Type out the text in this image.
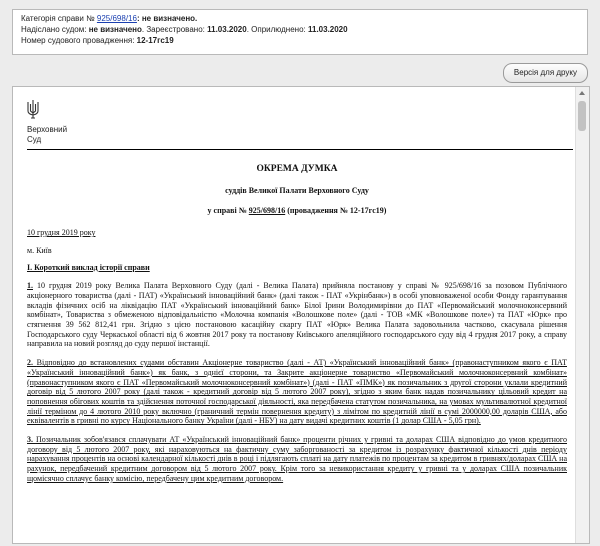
Категорія справи № 925/698/16: не визначено.
Надіслано судом: не визначено. Зареєстровано: 11.03.2020. Оприлюднено: 11.03.2020
Номер судового провадження: 12-17гс19
Версія для друку
Верховний
Суд
ОКРЕМА ДУМКА
суддів Великої Палати Верховного Суду
у справі № 925/698/16 (провадження № 12-17гс19)
10 грудня 2019 року
м. Київ
I. Короткий виклад історії справи
1. 10 грудня 2019 року Велика Палата Верховного Суду (далі - Велика Палата) прийняла постанову у справі № 925/698/16 за позовом Публічного акціонерного товариства (далі - ПАТ) «Український інноваційний банк» (далі також - ПАТ «Укрінбанк») в особі уповноваженої особи Фонду гарантування вкладів фізичних осіб на ліквідацію ПАТ «Український інноваційний банк» Білої Ірини Володимирівни до ПАТ «Первомайський молочноконсервний комбінат», Товариства з обмеженою відповідальністю «Молочна компанія «Волошкове поле» (далі - ТОВ «МК «Волошкове поле») та ПАТ «Юрк» про стягнення 39 562 812,41 грн. Згідно з цією постановою касаційну скаргу ПАТ «Юрк» Велика Палата задовольнила частково, скасувала рішення Господарського суду Черкаської області від 6 жовтня 2017 року та постанову Київського апеляційного господарського суду від 4 грудня 2017 року, а справу направила на новий розгляд до суду першої інстанції.
2. Відповідно до встановлених судами обставин Акціонерне товариство (далі - АТ) «Український інноваційний банк» (правонаступником якого є ПАТ «Український інноваційний банк») як банк, з однієї сторони, та Закрите акціонерне товариство «Первомайський молочноконсервний комбінат» (правонаступником якого є ПАТ «Первомайський молочноконсервний комбінат») (далі - ПАТ «ПМК») як позичальник з другої сторони уклали кредитний договір від 5 лютого 2007 року (далі також - кредитний договір від 5 лютого 2007 року), згідно з яким банк надав позичальнику цільовий кредит на поповнення обігових коштів та здійснення поточної господарської діяльності, яка передбачена статутом позичальника, на умовах мультивалютної кредитної лінії терміном до 4 лютого 2010 року включно (граничний термін повернення кредиту) з лімітом по кредитній лінії в сумі 2000000,00 доларів США, або еквівалентів в гривні по курсу Національного банку України (далі - НБУ) на дату видачі кредитних коштів (1 долар США - 5,05 грн).
3. Позичальник зобов'язався сплачувати АТ «Український інноваційний банк» проценти річних у гривні та доларах США відповідно до умов кредитного договору від 5 лютого 2007 року, які нараховуються на фактичну суму заборгованості за кредитом із розрахунку фактичної кількості днів періоду нарахування процентів на основі календарної кількості днів в році і підлягають сплаті на дату платежів по процентам за кредитом в гривнях/доларах США на рахунок, передбачений кредитним договором від 5 лютого 2007 року. Крім того за невикористання кредиту у гривні та у доларах США позичальник щомісячно сплачує банку комісію, передбачену цим кредитним договором.
